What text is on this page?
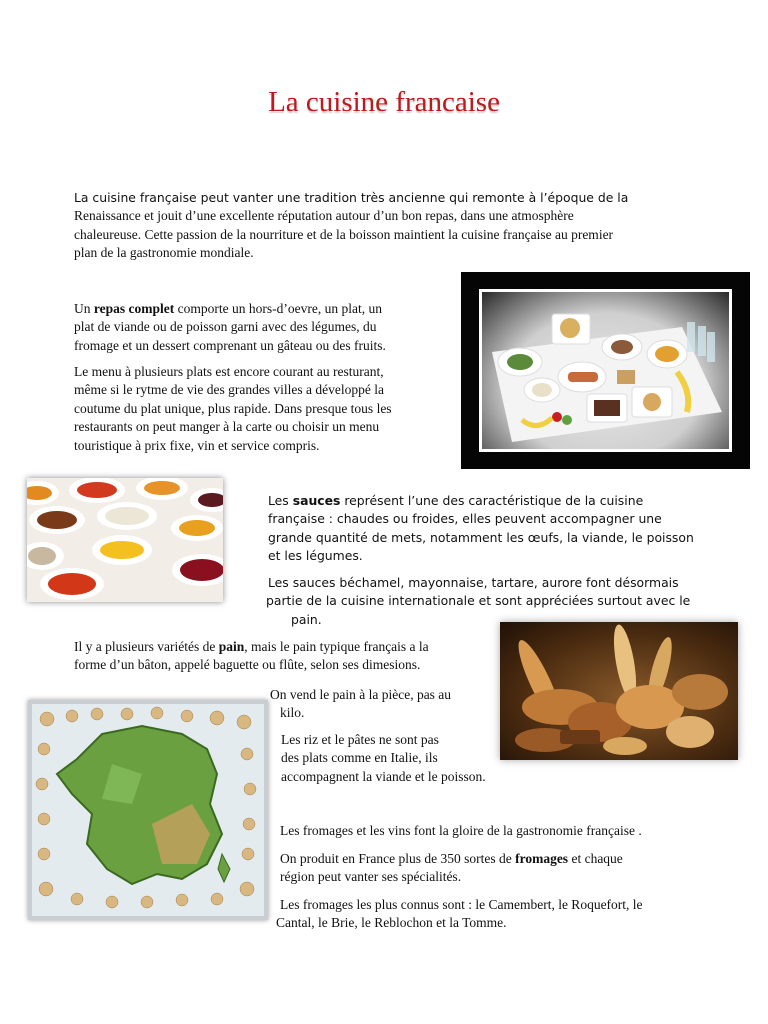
La cuisine francaise

La cuisine française peut vanter une tradition très ancienne qui remonte à l’époque de la

Renaissance et jouit d’une excellente réputation autour d’un bon repas, dans une atmosphère

chaleureuse. Cette passion de la nourriture et de la boisson maintient la cuisine française au premier

plan de la gastronomie mondiale.

Un repas complet comporte un hors-d’oevre, un plat, un

plat de viande ou de poisson garni avec des légumes, du

fromage et un dessert comprenant un gâteau ou des fruits.

Le menu à plusieurs plats est encore courant au resturant,

même si le rytme de vie des grandes villes a développé la

coutume du plat unique, plus rapide. Dans presque tous les

restaurants on peut manger à la carte ou choisir un menu

touristique à prix fixe, vin et service compris.

Les sauces représent l’une des caractéristique de la cuisine

française : chaudes ou froides, elles peuvent accompagner une

grande quantité de mets, notamment les œufs, la viande, le poisson

et les légumes.

Les sauces béchamel, mayonnaise, tartare, aurore font désormais

partie de la cuisine internationale et sont appréciées surtout avec le

pain.

Il y a plusieurs variétés de pain, mais le pain typique français a la

forme d’un bâton, appelé baguette ou flûte, selon ses dimesions.

On vend le pain à la pièce, pas au

kilo.

Les riz et le pâtes ne sont pas

des plats comme en Italie, ils

accompagnent la viande et le poisson.

Les fromages et les vins font la gloire de la gastronomie française .

On produit en France plus de 350 sortes de fromages et chaque

région peut vanter ses spécialités.

Les fromages les plus connus sont : le Camembert, le Roquefort, le

Cantal, le Brie, le Reblochon et la Tomme.
